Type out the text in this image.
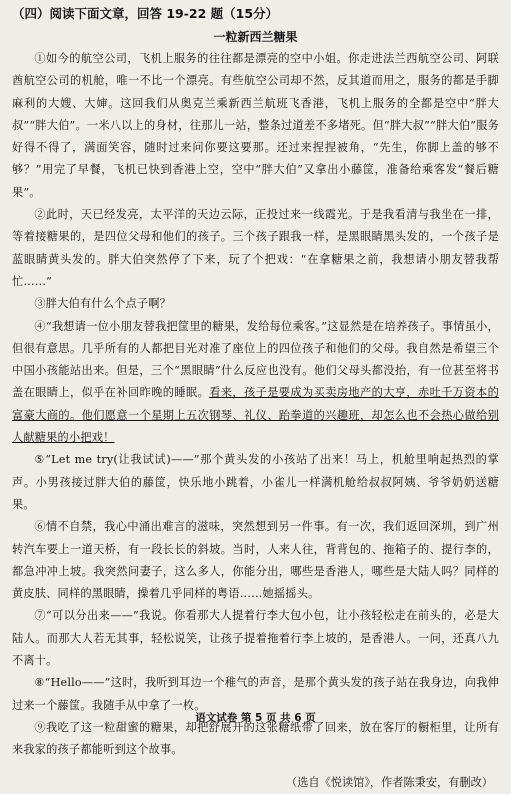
（四）阅读下面文章，回答 19-22 题（15分）
一粒新西兰糖果

①如今的航空公司，飞机上服务的往往都是漂亮的空中小姐。你走进法兰西航空公司、阿联酋航空公司的机舱，唯一不比一个漂亮。有些航空公司却不然，反其道而用之，服务的都是手脚麻利的大嫂、大婶。这回我们从奥克兰乘新西兰航班飞香港，飞机上服务的全都是空中“胖大叔”“胖大伯”。一米八以上的身材，往那儿一站，整条过道差不多堵死。但“胖大叔”“胖大伯”服务好得不得了，满面笑容，随时过来问你要这要那。还过来捏捏被角，“先生，你脚上盖的够不够？”用完了早餐，飞机已快到香港上空，空中“胖大伯”又拿出小藤筐，准备给乘客发“餐后糖果”。

②此时，天已经发亮，太平洋的天边云际，正投过来一线霞光。于是我看清与我坐在一排，等着接糖果的，是四位父母和他们的孩子。三个孩子跟我一样，是黑眼睛黑头发的，一个孩子是蓝眼睛黄头发的。胖大伯突然停了下来，玩了个把戏：“在拿糖果之前，我想请小朋友替我帮忙……”

③胖大伯有什么个点子啊？

④“我想请一位小朋友替我把筐里的糖果，发给每位乘客。”这显然是在培养孩子。事情虽小，但很有意思。几乎所有的人都把目光对准了座位上的四位孩子和他们的父母。我自然是希望三个中国小孩能站出来。但是，三个“黑眼睛”什么反应也没有。他们父母头都没抬，有一位甚至将书盖在眼睛上，似乎在补回昨晚的睡眠。看来，孩子是要成为买卖房地产的大亨，赤吐千万资本的富豪大商的。他们愿意一个星期上五次钢琴、礼仪、跆拳道的兴趣班，却怎么也不会热心做给别人献糖果的小把戏！

⑤“Let me try(让我试试)——”那个黄头发的小孩站了出来！马上，机舱里响起热烈的掌声。小男孩接过胖大伯的藤筐，快乐地小跳着，小雀儿一样满机舱给叔叔阿姨、爷爷奶奶送糖果。

⑥情不自禁，我心中涌出难言的滋味，突然想到另一件事。有一次，我们返回深圳，到广州转汽车要上一道天桥，有一段长长的斜坡。当时，人来人往，背背包的、拖箱子的、提行李的，都急冲冲上坡。我突然问妻子，这么多人，你能分出，哪些是香港人，哪些是大陆人吗？同样的黄皮肤、同样的黑眼睛，操着几乎同样的粤语……她摇摇头。

⑦“可以分出来——”我说。你看那大人提着行李大包小包，让小孩轻松走在前头的，必是大陆人。而那大人若无其事，轻松说笑，让孩子提着拖着行李上坡的，是香港人。一问，还真八九不离十。

⑧“Hello——”这时，我听到耳边一个稚气的声音，是那个黄头发的孩子站在我身边，向我伸过来一个藤筐。我随手从中拿了一枚。

⑨我吃了这一粒甜蜜的糖果，却把舒展开的这张糖纸带了回来，放在客厅的橱柜里，让所有来我家的孩子都能听到这个故事。

（选自《悦读馆》，作者陈秉安，有删改）
语文试卷 第 5 页 共 6 页
